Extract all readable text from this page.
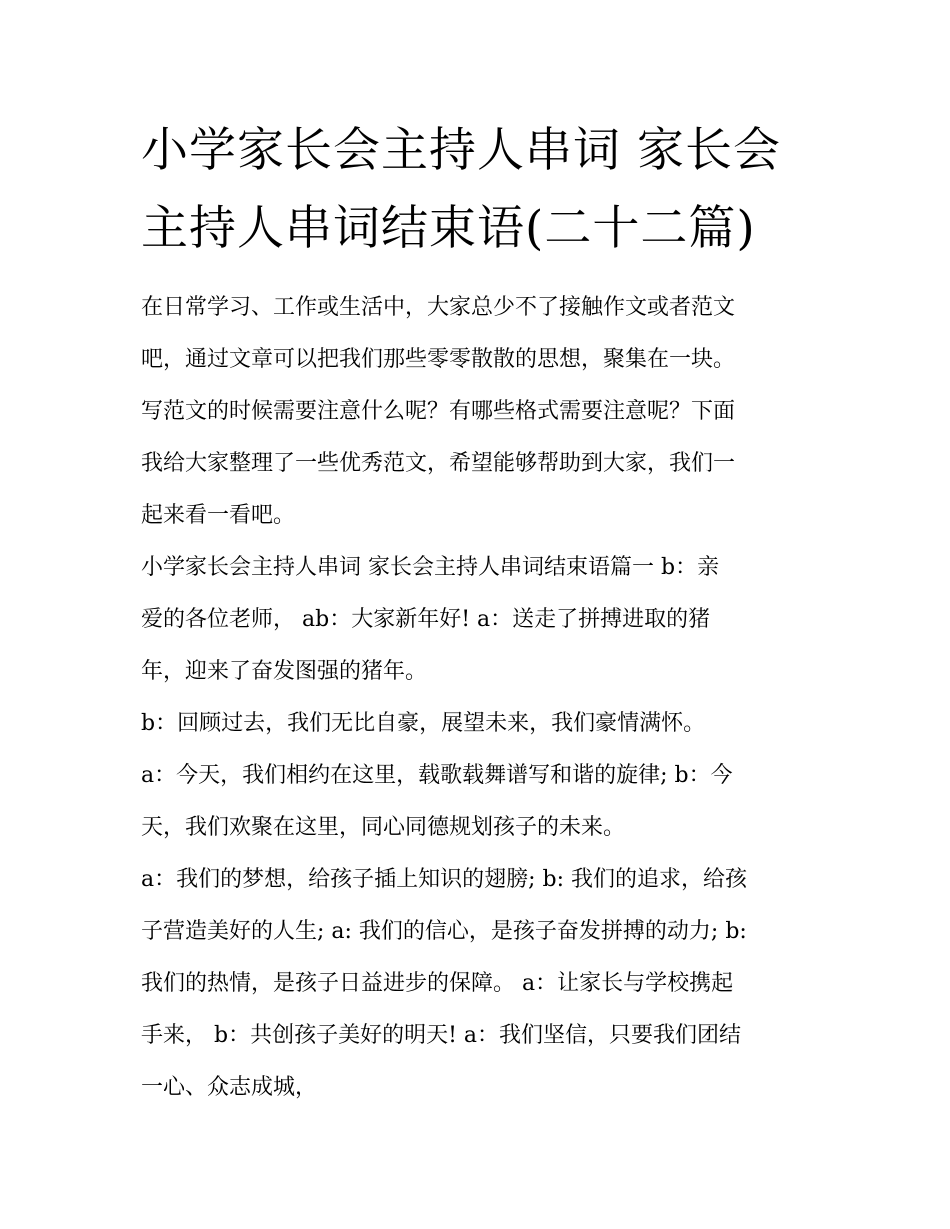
小学家长会主持人串词 家长会
主持人串词结束语(二十二篇)
在日常学习、工作或生活中，大家总少不了接触作文或者范文
吧，通过文章可以把我们那些零零散散的思想，聚集在一块。
写范文的时候需要注意什么呢？有哪些格式需要注意呢？下面
我给大家整理了一些优秀范文，希望能够帮助到大家，我们一
起来看一看吧。
小学家长会主持人串词 家长会主持人串词结束语篇一 b：亲
爱的各位老师， ab：大家新年好! a：送走了拼搏进取的猪
年，迎来了奋发图强的猪年。
b：回顾过去，我们无比自豪，展望未来，我们豪情满怀。
a：今天，我们相约在这里，载歌载舞谱写和谐的旋律; b：今
天，我们欢聚在这里，同心同德规划孩子的未来。
a：我们的梦想，给孩子插上知识的翅膀; b: 我们的追求，给孩
子营造美好的人生; a: 我们的信心，是孩子奋发拼搏的动力; b:
我们的热情，是孩子日益进步的保障。 a：让家长与学校携起
手来， b：共创孩子美好的明天! a：我们坚信，只要我们团结
一心、众志成城，
